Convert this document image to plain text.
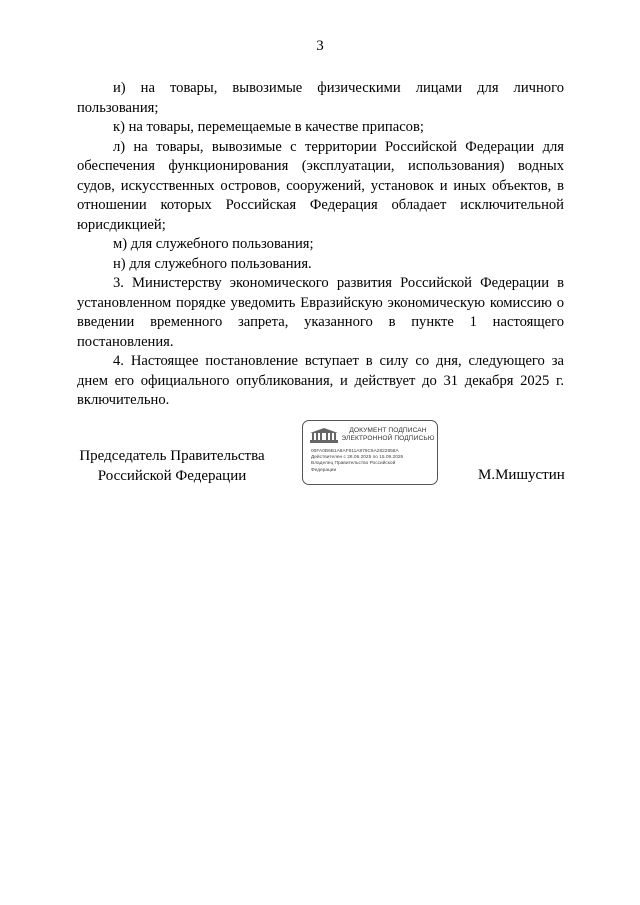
3

и) на товары, вывозимые физическими лицами для личного пользования;

к) на товары, перемещаемые в качестве припасов;

л) на товары, вывозимые с территории Российской Федерации для обеспечения функционирования (эксплуатации, использования) водных судов, искусственных островов, сооружений, установок и иных объектов, в отношении которых Российская Федерация обладает исключительной юрисдикцией;

м) для служебного пользования;

н) для служебного пользования.

3. Министерству экономического развития Российской Федерации в установленном порядке уведомить Евразийскую экономическую комиссию о введении временного запрета, указанного в пункте 1 настоящего постановления.

4. Настоящее постановление вступает в силу со дня, следующего за днем его официального опубликования, и действует до 31 декабря 2025 г. включительно.

Председатель Правительства
Российской Федерации
ДОКУМЕНТ ПОДПИСАН
ЭЛЕКТРОННОЙ ПОДПИСЬЮ
00FA0B6B1A8AF911A879C6A2822858A
Действителен с 26.06.2025 по 15.09.2026
Владелец Правительство Российской
Федерации	М.Мишустин
